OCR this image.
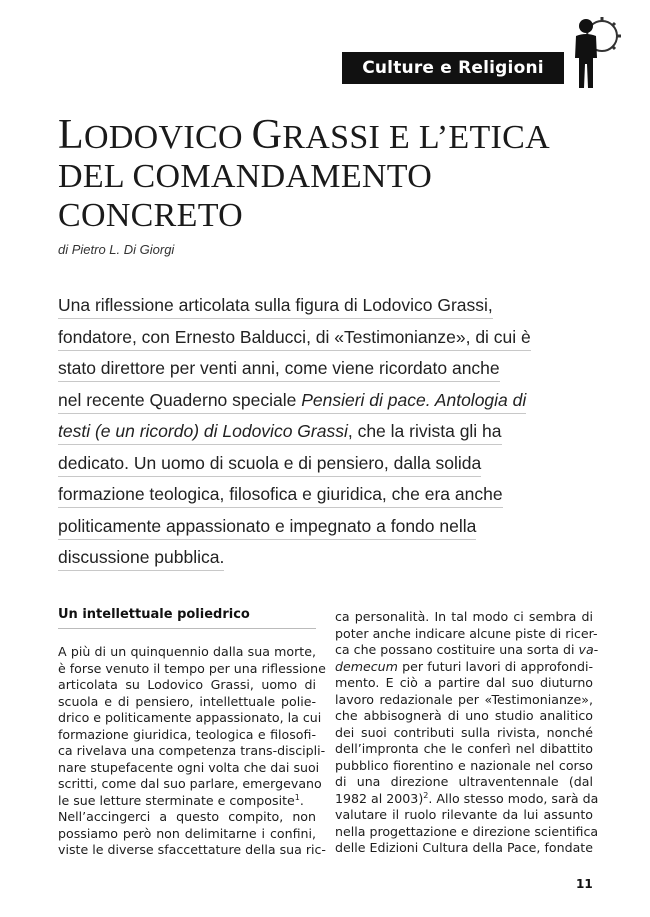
Culture e Religioni
LODOVICO GRASSI E L’ETICA
DEL COMANDAMENTO
CONCRETO

di Pietro L. Di Giorgi

Una riflessione articolata sulla figura di Lodovico Grassi,
fondatore, con Ernesto Balducci, di «Testimonianze», di cui è
stato direttore per venti anni, come viene ricordato anche
nel recente Quaderno speciale Pensieri di pace. Antologia di
testi (e un ricordo) di Lodovico Grassi, che la rivista gli ha
dedicato. Un uomo di scuola e di pensiero, dalla solida
formazione teologica, filosofica e giuridica, che era anche
politicamente appassionato e impegnato a fondo nella
discussione pubblica.

Un intellettuale poliedrico

A più di un quinquennio dalla sua morte,
è forse venuto il tempo per una riflessione
articolata su Lodovico Grassi, uomo di
scuola e di pensiero, intellettuale polie-
drico e politicamente appassionato, la cui
formazione giuridica, teologica e filosofi-
ca rivelava una competenza trans-discipli-
nare stupefacente ogni volta che dai suoi
scritti, come dal suo parlare, emergevano
le sue letture sterminate e composite$^1$.
Nell’accingerci a questo compito, non
possiamo però non delimitarne i confini,
viste le diverse sfaccettature della sua ric-
ca personalità. In tal modo ci sembra di
poter anche indicare alcune piste di ricer-
ca che possano costituire una sorta di va-
demecum per futuri lavori di approfondi-
mento. E ciò a partire dal suo diuturno
lavoro redazionale per «Testimonianze»,
che abbisognerà di uno studio analitico
dei suoi contributi sulla rivista, nonché
dell’impronta che le conferì nel dibattito
pubblico fiorentino e nazionale nel corso
di una direzione ultraventennale (dal
1982 al 2003)$^2$. Allo stesso modo, sarà da
valutare il ruolo rilevante da lui assunto
nella progettazione e direzione scientifica
delle Edizioni Cultura della Pace, fondate
11
